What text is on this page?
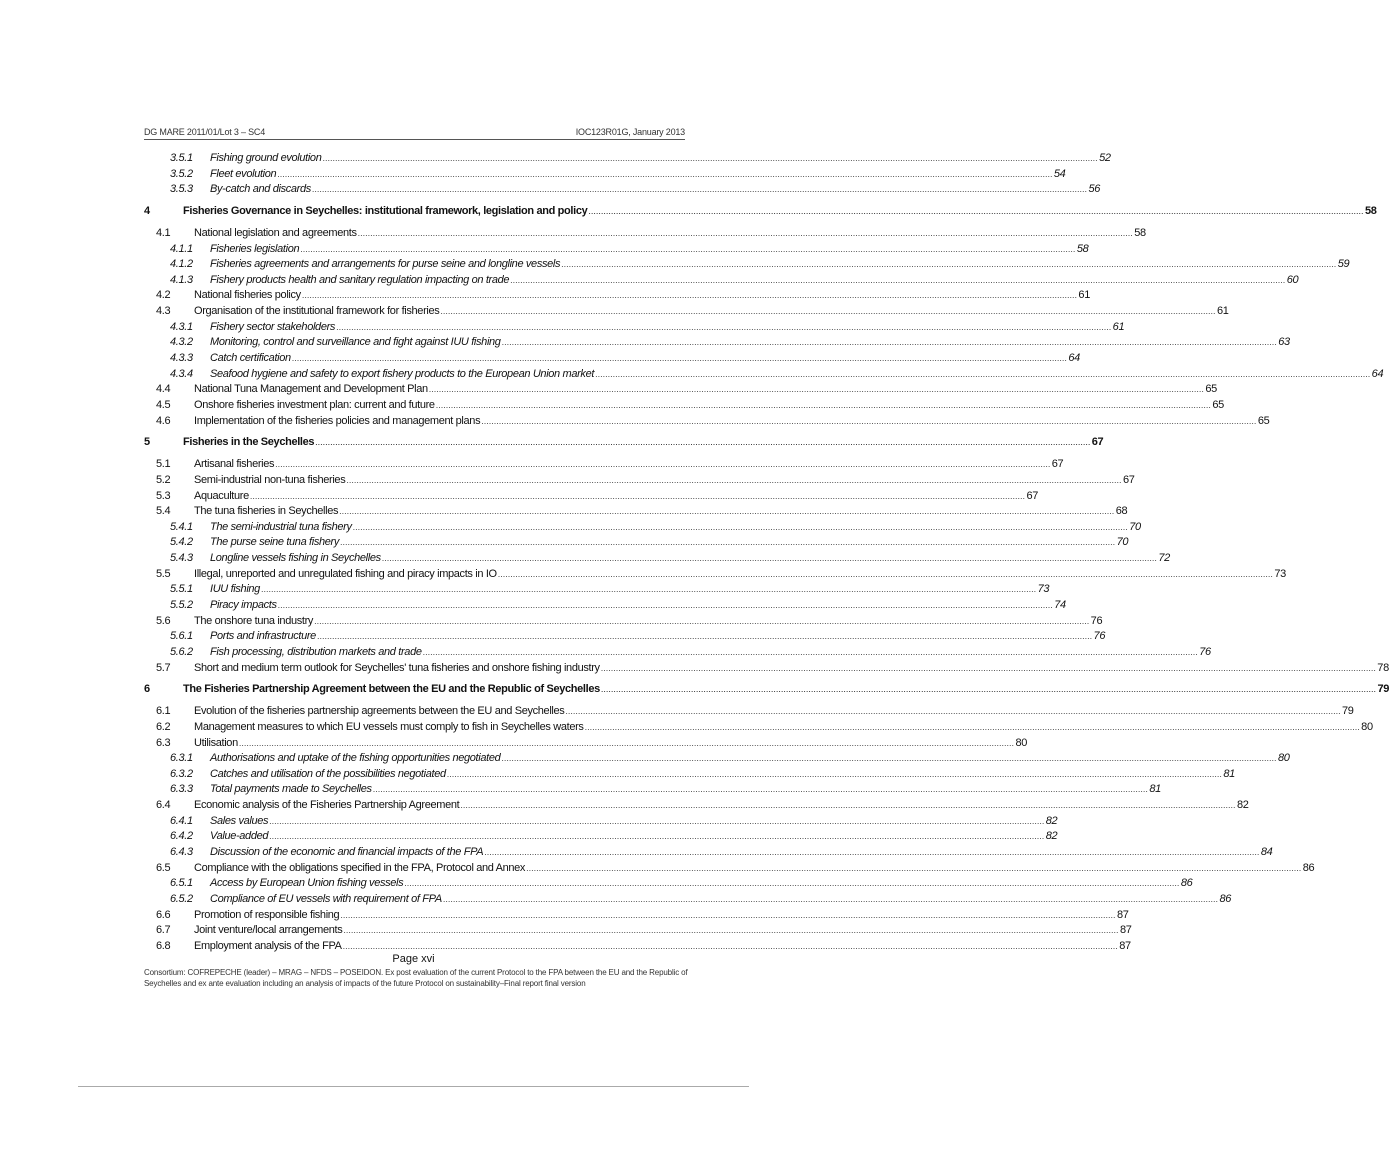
DG MARE 2011/01/Lot 3 – SC4	IOC123R01G, January 2013
3.5.1	Fishing ground evolution .....	52
3.5.2	Fleet evolution .....	54
3.5.3	By-catch and discards .....	56
4	Fisheries Governance in Seychelles: institutional framework, legislation and policy .....	58
4.1	National legislation and agreements .....	58
4.1.1	Fisheries legislation .....	58
4.1.2	Fisheries agreements and arrangements for purse seine and longline vessels .....	59
4.1.3	Fishery products health and sanitary regulation impacting on trade .....	60
4.2	National fisheries policy .....	61
4.3	Organisation of the institutional framework for fisheries .....	61
4.3.1	Fishery sector stakeholders .....	61
4.3.2	Monitoring, control and surveillance and fight against IUU fishing .....	63
4.3.3	Catch certification .....	64
4.3.4	Seafood hygiene and safety to export fishery products to the European Union market .....	64
4.4	National Tuna Management and Development Plan .....	65
4.5	Onshore fisheries investment plan: current and future .....	65
4.6	Implementation of the fisheries policies and management plans .....	65
5	Fisheries in the Seychelles .....	67
5.1	Artisanal fisheries .....	67
5.2	Semi-industrial non-tuna fisheries .....	67
5.3	Aquaculture .....	67
5.4	The tuna fisheries in Seychelles .....	68
5.4.1	The semi-industrial tuna fishery .....	70
5.4.2	The purse seine tuna fishery .....	70
5.4.3	Longline vessels fishing in Seychelles .....	72
5.5	Illegal, unreported and unregulated fishing and piracy impacts in IO .....	73
5.5.1	IUU fishing .....	73
5.5.2	Piracy impacts .....	74
5.6	The onshore tuna industry .....	76
5.6.1	Ports and infrastructure .....	76
5.6.2	Fish processing, distribution markets and trade .....	76
5.7	Short and medium term outlook for Seychelles' tuna fisheries and onshore fishing industry .....	78
6	The Fisheries Partnership Agreement between the EU and the Republic of Seychelles .....	79
6.1	Evolution of the fisheries partnership agreements between the EU and Seychelles .....	79
6.2	Management measures to which EU vessels must comply to fish in Seychelles waters .....	80
6.3	Utilisation .....	80
6.3.1	Authorisations and uptake of the fishing opportunities negotiated .....	80
6.3.2	Catches and utilisation of the possibilities negotiated .....	81
6.3.3	Total payments made to Seychelles .....	81
6.4	Economic analysis of the Fisheries Partnership Agreement .....	82
6.4.1	Sales values .....	82
6.4.2	Value-added .....	82
6.4.3	Discussion of the economic and financial impacts of the FPA .....	84
6.5	Compliance with the obligations specified in the FPA, Protocol and Annex .....	86
6.5.1	Access by European Union fishing vessels .....	86
6.5.2	Compliance of EU vessels with requirement of FPA .....	86
6.6	Promotion of responsible fishing .....	87
6.7	Joint venture/local arrangements .....	87
6.8	Employment analysis of the FPA .....	87
Page xvi
Consortium: COFREPECHE (leader) – MRAG – NFDS – POSEIDON. Ex post evaluation of the current Protocol to the FPA between the EU and the Republic of Seychelles and ex ante evaluation including an analysis of impacts of the future Protocol on sustainability–Final report final version
